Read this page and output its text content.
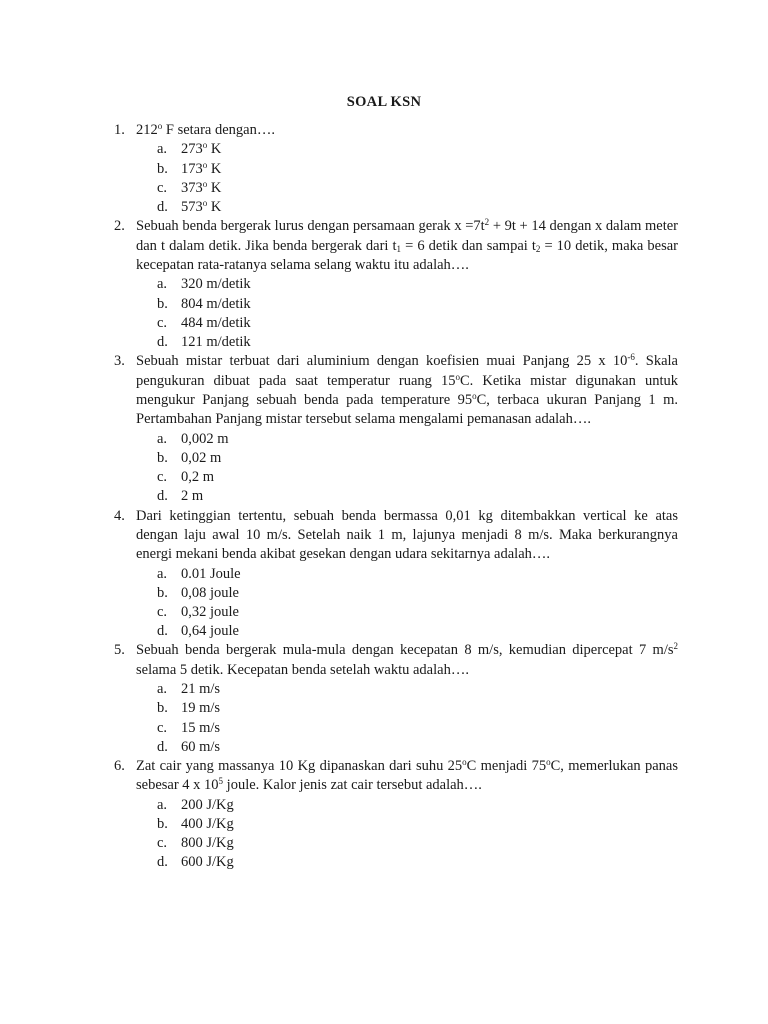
SOAL KSN
1. 212$^o$ F setara dengan….
a. 273$^o$ K
b. 173$^o$ K
c. 373$^o$ K
d. 573$^o$ K
2. Sebuah benda bergerak lurus dengan persamaan gerak $x =7t^2 + 9t + 14$ dengan x dalam meter dan t dalam detik. Jika benda bergerak dari $t_1 = 6$ detik dan sampai $t_2 = 10$ detik, maka besar kecepatan rata-ratanya selama selang waktu itu adalah….
a. 320 m/detik
b. 804 m/detik
c. 484 m/detik
d. 121 m/detik
3. Sebuah mistar terbuat dari aluminium dengan koefisien muai Panjang 25 x $10^{-6}$. Skala pengukuran dibuat pada saat temperatur ruang 15$^o$C. Ketika mistar digunakan untuk mengukur Panjang sebuah benda pada temperature 95$^o$C, terbaca ukuran Panjang 1 m. Pertambahan Panjang mistar tersebut selama mengalami pemanasan adalah….
a. 0,002 m
b. 0,02 m
c. 0,2 m
d. 2 m
4. Dari ketinggian tertentu, sebuah benda bermassa 0,01 kg ditembakkan vertical ke atas dengan laju awal 10 m/s. Setelah naik 1 m, lajunya menjadi 8 m/s. Maka berkurangnya energi mekani benda akibat gesekan dengan udara sekitarnya adalah….
a. 0.01 Joule
b. 0,08 joule
c. 0,32 joule
d. 0,64 joule
5. Sebuah benda bergerak mula-mula dengan kecepatan 8 m/s, kemudian dipercepat 7 $m/s^2$ selama 5 detik. Kecepatan benda setelah waktu adalah….
a. 21 m/s
b. 19 m/s
c. 15 m/s
d. 60 m/s
6. Zat cair yang massanya 10 Kg dipanaskan dari suhu 25$^o$C menjadi 75$^o$C, memerlukan panas sebesar 4 x $10^5$ joule. Kalor jenis zat cair tersebut adalah….
a. 200 J/Kg
b. 400 J/Kg
c. 800 J/Kg
d. 600 J/Kg
